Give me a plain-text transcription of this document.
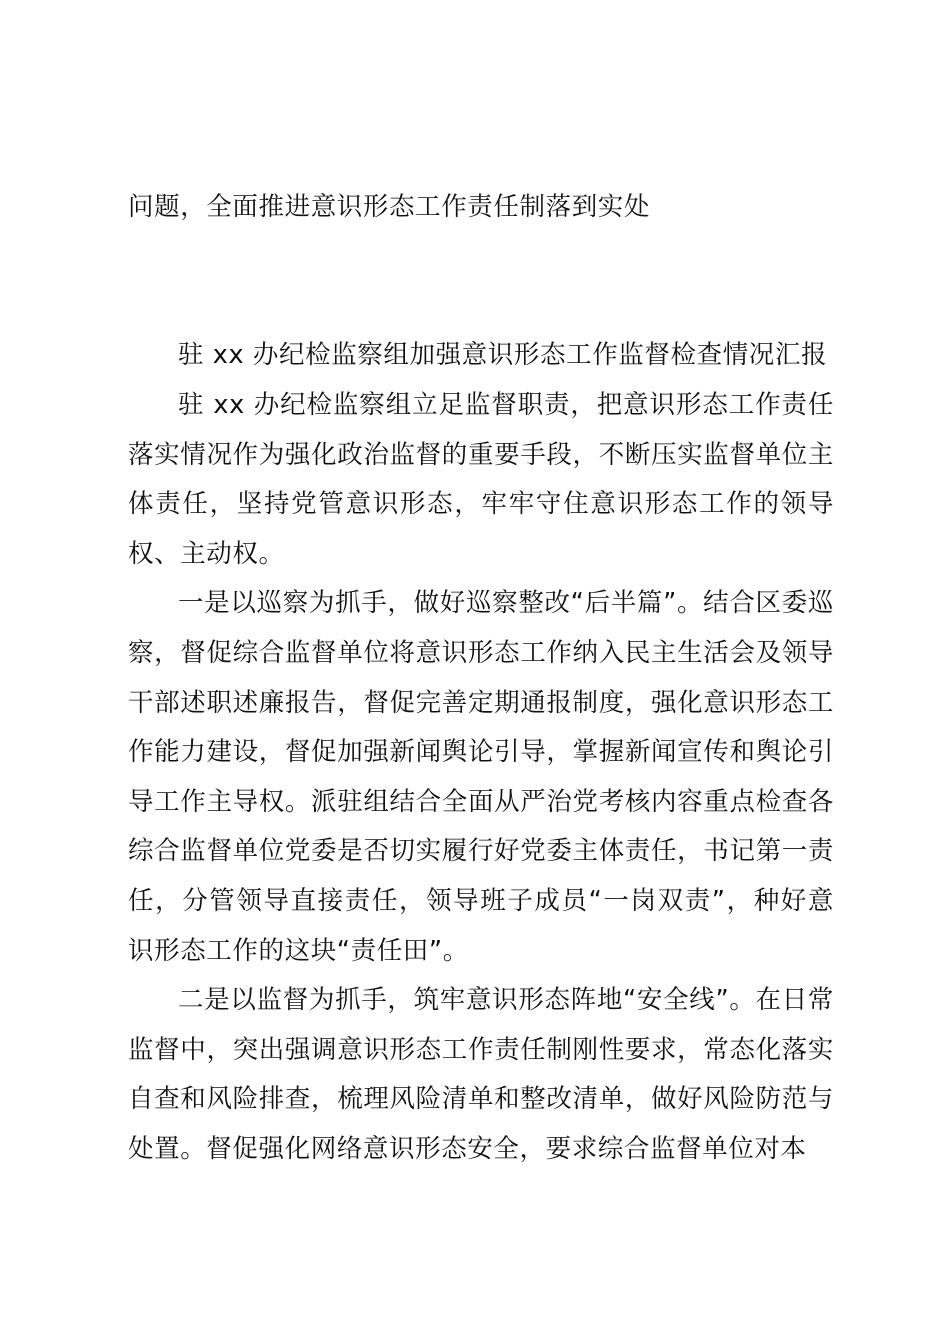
问题，全面推进意识形态工作责任制落到实处

驻 xx 办纪检监察组加强意识形态工作监督检查情况汇报

驻 xx 办纪检监察组立足监督职责，把意识形态工作责任落实情况作为强化政治监督的重要手段，不断压实监督单位主体责任，坚持党管意识形态，牢牢守住意识形态工作的领导权、主动权。

一是以巡察为抓手，做好巡察整改“后半篇”。结合区委巡察，督促综合监督单位将意识形态工作纳入民主生活会及领导干部述职述廉报告，督促完善定期通报制度，强化意识形态工作能力建设，督促加强新闻舆论引导，掌握新闻宣传和舆论引导工作主导权。派驻组结合全面从严治党考核内容重点检查各综合监督单位党委是否切实履行好党委主体责任，书记第一责任，分管领导直接责任，领导班子成员“一岗双责”，种好意识形态工作的这块“责任田”。

二是以监督为抓手，筑牢意识形态阵地“安全线”。在日常监督中，突出强调意识形态工作责任制刚性要求，常态化落实自查和风险排查，梳理风险清单和整改清单，做好风险防范与处置。督促强化网络意识形态安全，要求综合监督单位对本
